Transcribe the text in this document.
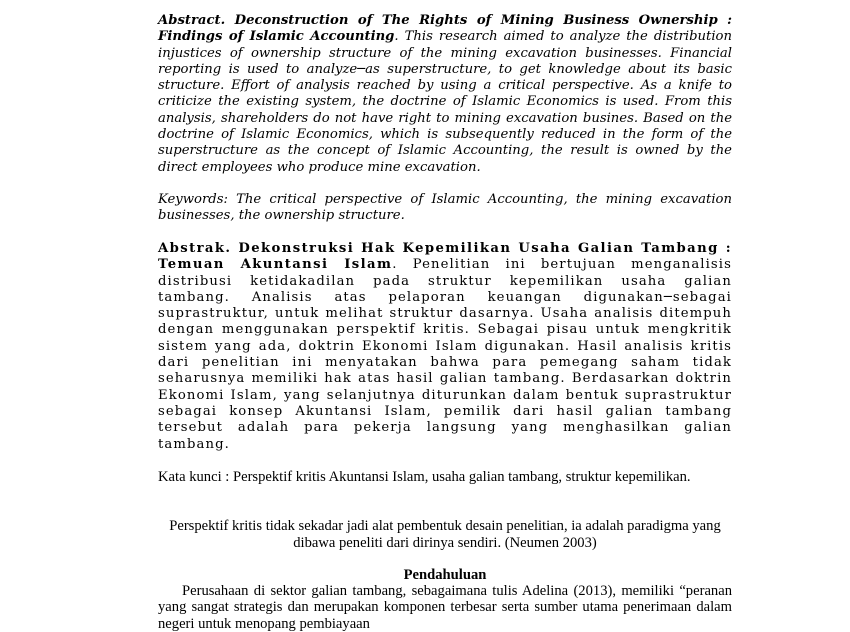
Abstract. Deconstruction of The Rights of Mining Business Ownership : Findings of Islamic Accounting. This research aimed to analyze the distribution injustices of ownership structure of the mining excavation businesses. Financial reporting is used to analyze─as superstructure, to get knowledge about its basic structure. Effort of analysis reached by using a critical perspective. As a knife to criticize the existing system, the doctrine of Islamic Economics is used. From this analysis, shareholders do not have right to mining excavation busines. Based on the doctrine of Islamic Economics, which is subsequently reduced in the form of the superstructure as the concept of Islamic Accounting, the result is owned by the direct employees who produce mine excavation.

Keywords: The critical perspective of Islamic Accounting, the mining excavation businesses, the ownership structure.

Abstrak. Dekonstruksi Hak Kepemilikan Usaha Galian Tambang : Temuan Akuntansi Islam. Penelitian ini bertujuan menganalisis distribusi ketidakadilan pada struktur kepemilikan usaha galian tambang. Analisis atas pelaporan keuangan digunakan─sebagai suprastruktur, untuk melihat struktur dasarnya. Usaha analisis ditempuh dengan menggunakan perspektif kritis. Sebagai pisau untuk mengkritik sistem yang ada, doktrin Ekonomi Islam digunakan. Hasil analisis kritis dari penelitian ini menyatakan bahwa para pemegang saham tidak seharusnya memiliki hak atas hasil galian tambang. Berdasarkan doktrin Ekonomi Islam, yang selanjutnya diturunkan dalam bentuk suprastruktur sebagai konsep Akuntansi Islam, pemilik dari hasil galian tambang tersebut adalah para pekerja langsung yang menghasilkan galian tambang.

Kata kunci : Perspektif kritis Akuntansi Islam, usaha galian tambang, struktur kepemilikan.

Perspektif kritis tidak sekadar jadi alat pembentuk desain penelitian, ia adalah paradigma yang dibawa peneliti dari dirinya sendiri. (Neumen 2003)

Pendahuluan

Perusahaan di sektor galian tambang, sebagaimana tulis Adelina (2013), memiliki “peranan yang sangat strategis dan merupakan komponen terbesar serta sumber utama penerimaan dalam negeri untuk menopang pembiayaan
